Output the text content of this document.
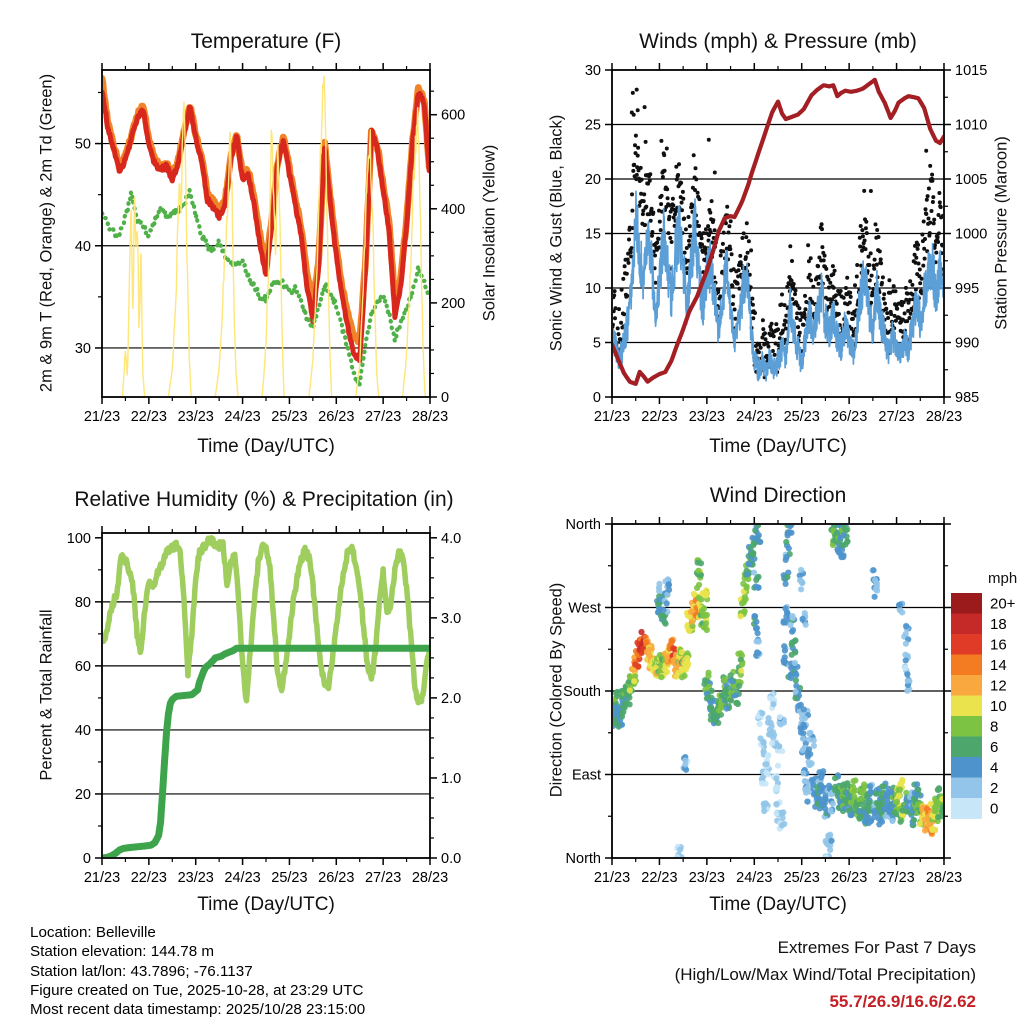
21/23 22/23 23/23 24/23 25/23 26/23 27/23 28/23
30
40
50
0
200
400
600
21/23 22/23 23/23 24/23 25/23 26/23 27/23 28/23
0
5
10
15
20
25
30
985
990
995
1000
1005
1010
1015
21/23 22/23 23/23 24/23 25/23 26/23 27/23 28/23
0
20
40
60
80
100
0.0
1.0
2.0
3.0
4.0
21/23 22/23 23/23 24/23 25/23 26/23 27/23 28/23
North
East
South
West
North
20+
18
16
14
12
10
8
6
4
2
0
Temperature (F)	Winds (mph) & Pressure (mb)
Relative Humidity (%) & Precipitation (in)	Wind Direction
2m & 9m T (Red, Orange) & 2m Td (Green)	Solar Insolation (Yellow)	Sonic Wind & Gust (Blue, Black)	Station Pressure (Maroon)
Percent & Total Rainfall	Direction (Colored By Speed)
Time (Day/UTC)	Time (Day/UTC)
Time (Day/UTC)	Time (Day/UTC)
mph
Location: Belleville
Station elevation: 144.78 m
Station lat/lon: 43.7896; -76.1137
Figure created on Tue, 2025-10-28, at 23:29 UTC
Most recent data timestamp: 2025/10/28 23:15:00
Extremes For Past 7 Days
(High/Low/Max Wind/Total Precipitation)
55.7/26.9/16.6/2.62
